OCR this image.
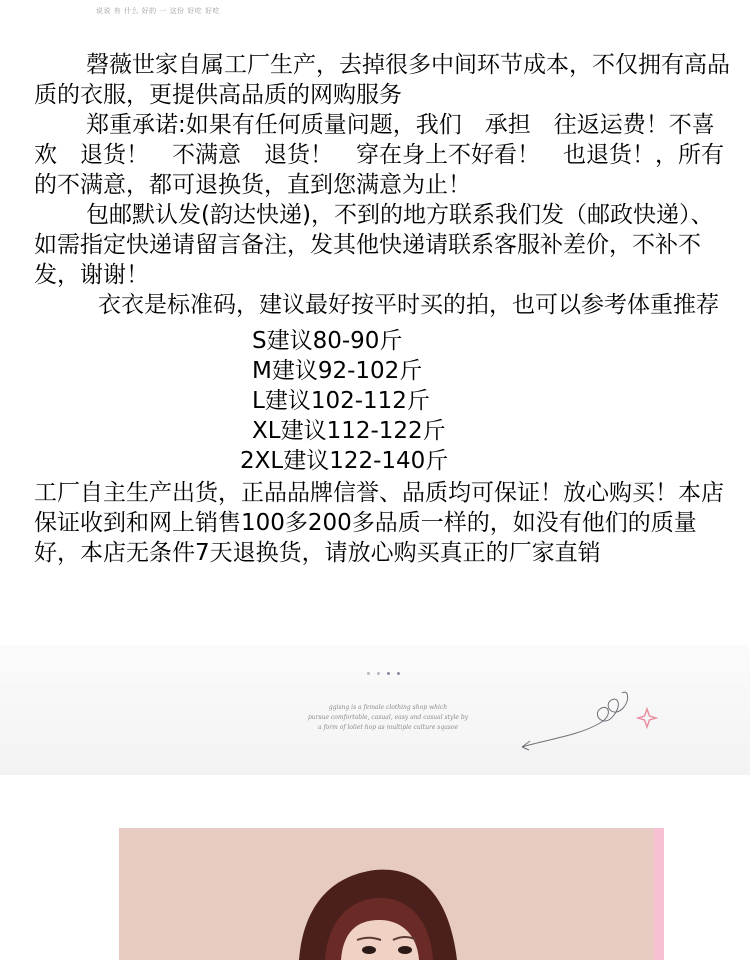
说说 有 什么 好的 一 这份 好吃 好吃

磬薇世家自属工厂生产，去掉很多中间环节成本，不仅拥有高品质的衣服，更提供高品质的网购服务

郑重承诺:如果有任何质量问题，我们　承担　往返运费！不喜欢　退货！　不满意　退货！　穿在身上不好看！　也退货！，所有的不满意，都可退换货，直到您满意为止！

包邮默认发(韵达快递)，不到的地方联系我们发（邮政快递）、如需指定快递请留言备注，发其他快递请联系客服补差价，不补不发，谢谢！

衣衣是标准码，建议最好按平时买的拍，也可以参考体重推荐

S建议80-90斤
M建议92-102斤
L建议102-112斤
XL建议112-122斤
2XL建议122-140斤

工厂自主生产出货，正品品牌信誉、品质均可保证！放心购买！本店保证收到和网上销售100多200多品质一样的，如没有他们的质量好，本店无条件7天退换货，请放心购买真正的厂家直销

ggisng is a female clothing shop which
pursue comfortable, casual, easy and casual style by
a form of loliet hop as multiple culture sqasoe
